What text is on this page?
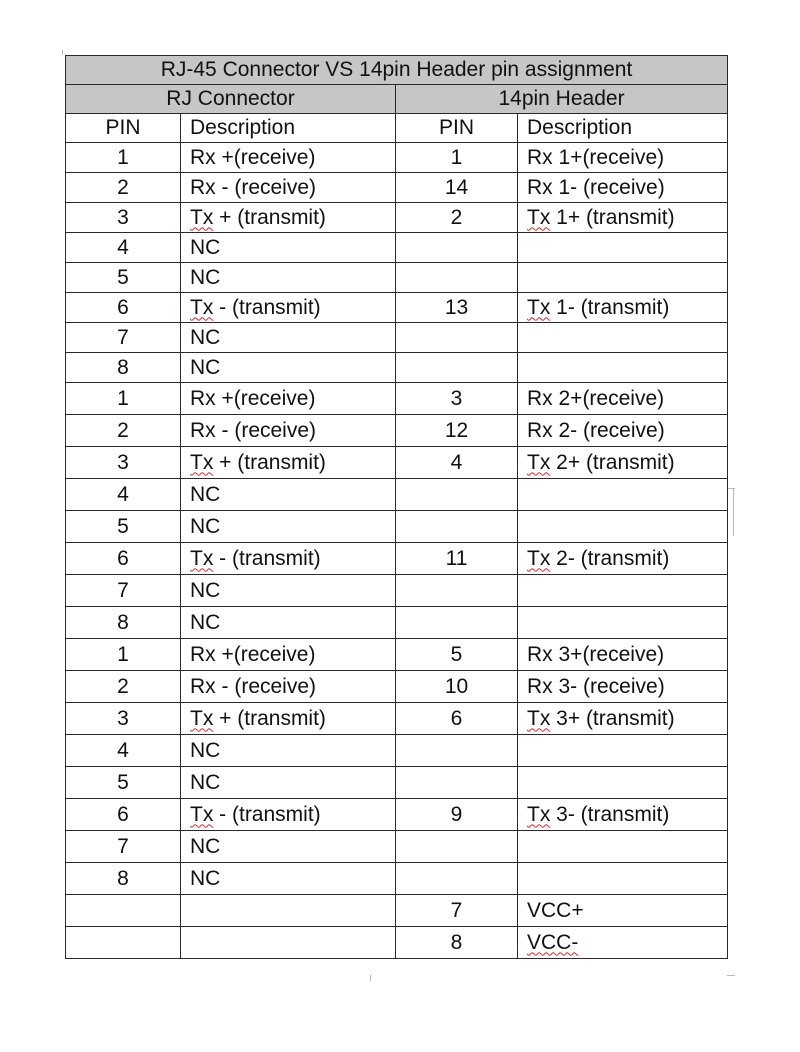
RJ-45 Connector VS 14pin Header pin assignment			
RJ Connector		14pin Header	
PIN	Description	PIN	Description
1	Rx +(receive)	1	Rx 1+(receive)
2	Rx - (receive)	14	Rx 1- (receive)
3	Tx + (transmit)	2	Tx 1+ (transmit)
4	NC		
5	NC		
6	Tx - (transmit)	13	Tx 1- (transmit)
7	NC		
8	NC		
1	Rx +(receive)	3	Rx 2+(receive)
2	Rx - (receive)	12	Rx 2- (receive)
3	Tx + (transmit)	4	Tx 2+ (transmit)
4	NC		
5	NC		
6	Tx - (transmit)	11	Tx 2- (transmit)
7	NC		
8	NC		
1	Rx +(receive)	5	Rx 3+(receive)
2	Rx - (receive)	10	Rx 3- (receive)
3	Tx + (transmit)	6	Tx 3+ (transmit)
4	NC		
5	NC		
6	Tx - (transmit)	9	Tx 3- (transmit)
7	NC		
8	NC		
		7	VCC+
		8	VCC-
